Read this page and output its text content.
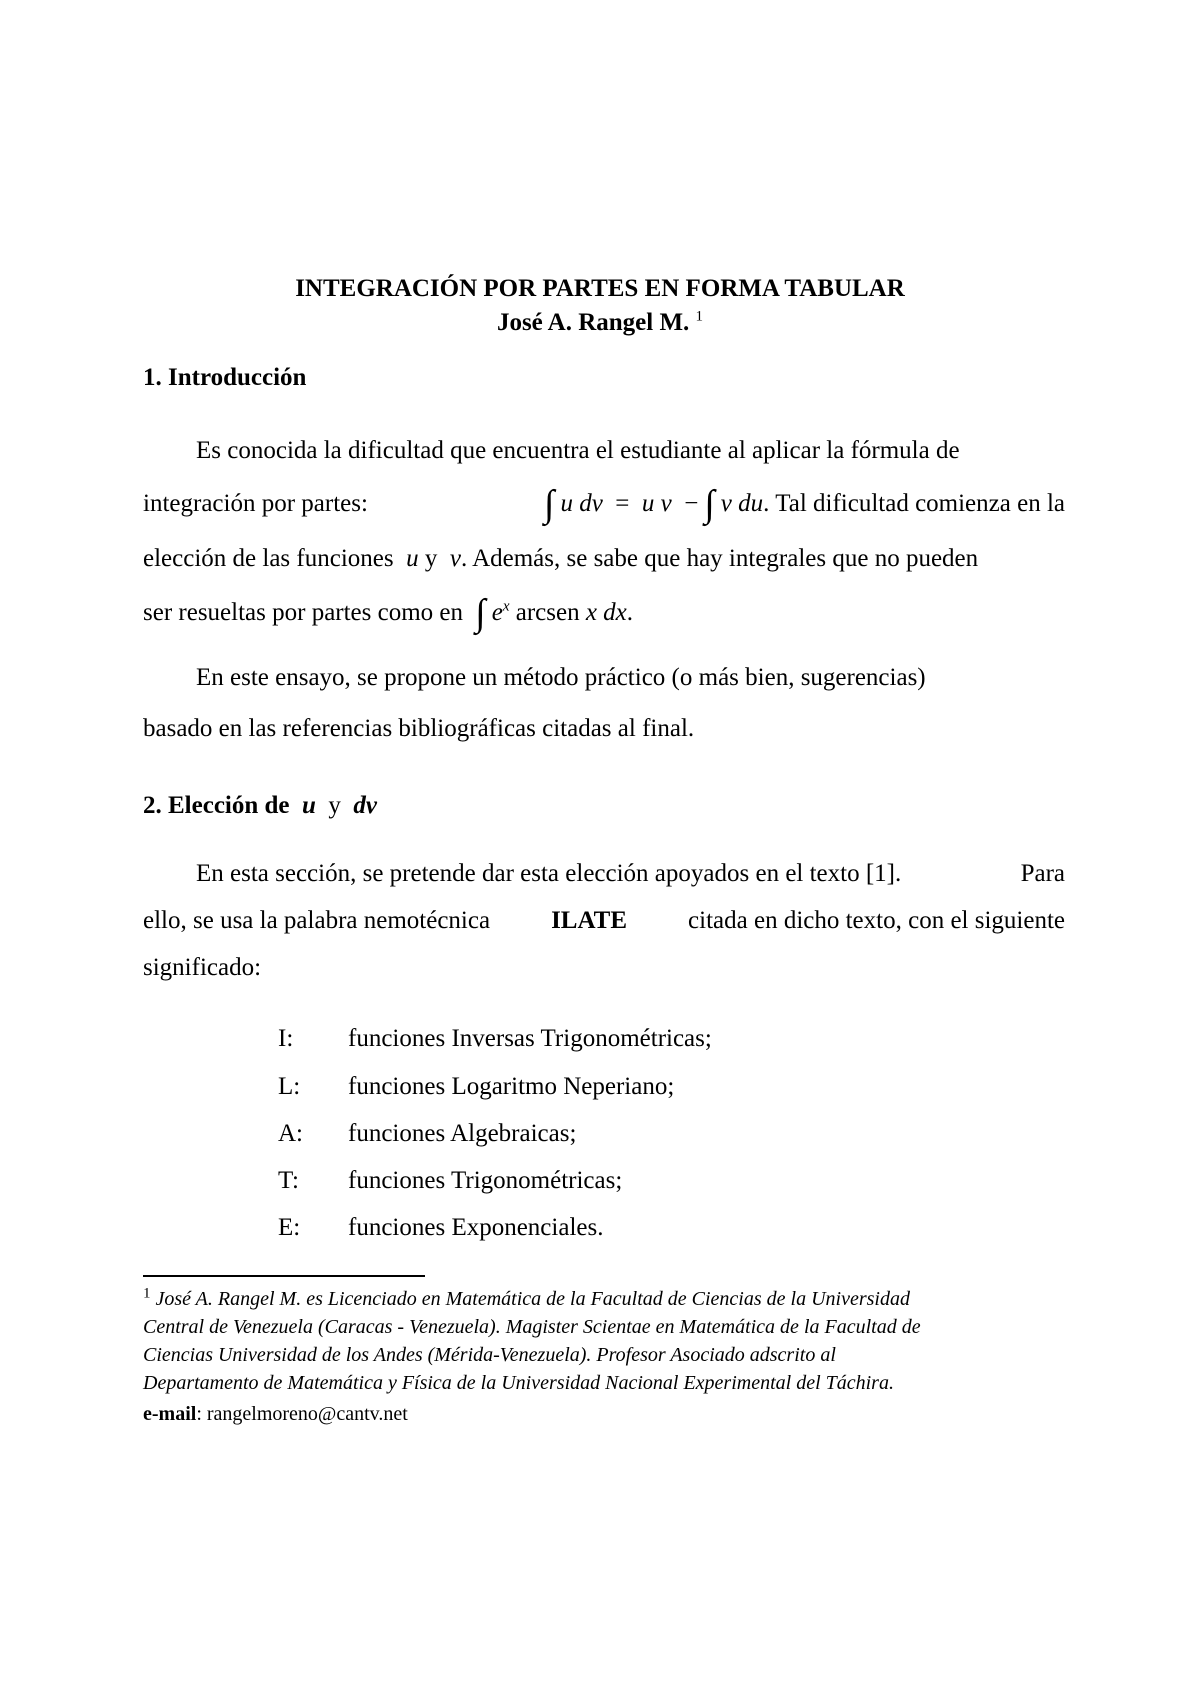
INTEGRACIÓN POR PARTES EN FORMA TABULAR
José A. Rangel M. $^1$
1. Introducción
Es conocida la dificultad que encuentra el estudiante al aplicar la fórmula de
integración por partes:	∫ u dv = u v − ∫ v du. Tal dificultad comienza en la
elección de las funciones u y v. Además, se sabe que hay integrales que no pueden
ser resueltas por partes como en ∫ $e^x$ arcsen x dx.
En este ensayo, se propone un método práctico (o más bien, sugerencias)
basado en las referencias bibliográficas citadas al final.
2. Elección de u y dv
En esta sección, se pretende dar esta elección apoyados en el texto [1].	Para
ello, se usa la palabra nemotécnica ILATE citada en dicho texto, con el siguiente
significado:
I: funciones Inversas Trigonométricas;
L: funciones Logaritmo Neperiano;
A: funciones Algebraicas;
T: funciones Trigonométricas;
E: funciones Exponenciales.
$^1$ José A. Rangel M. es Licenciado en Matemática de la Facultad de Ciencias de la Universidad
Central de Venezuela (Caracas - Venezuela). Magister Scientae en Matemática de la Facultad de
Ciencias Universidad de los Andes (Mérida-Venezuela). Profesor Asociado adscrito al
Departamento de Matemática y Física de la Universidad Nacional Experimental del Táchira.
e-mail: rangelmoreno@cantv.net
